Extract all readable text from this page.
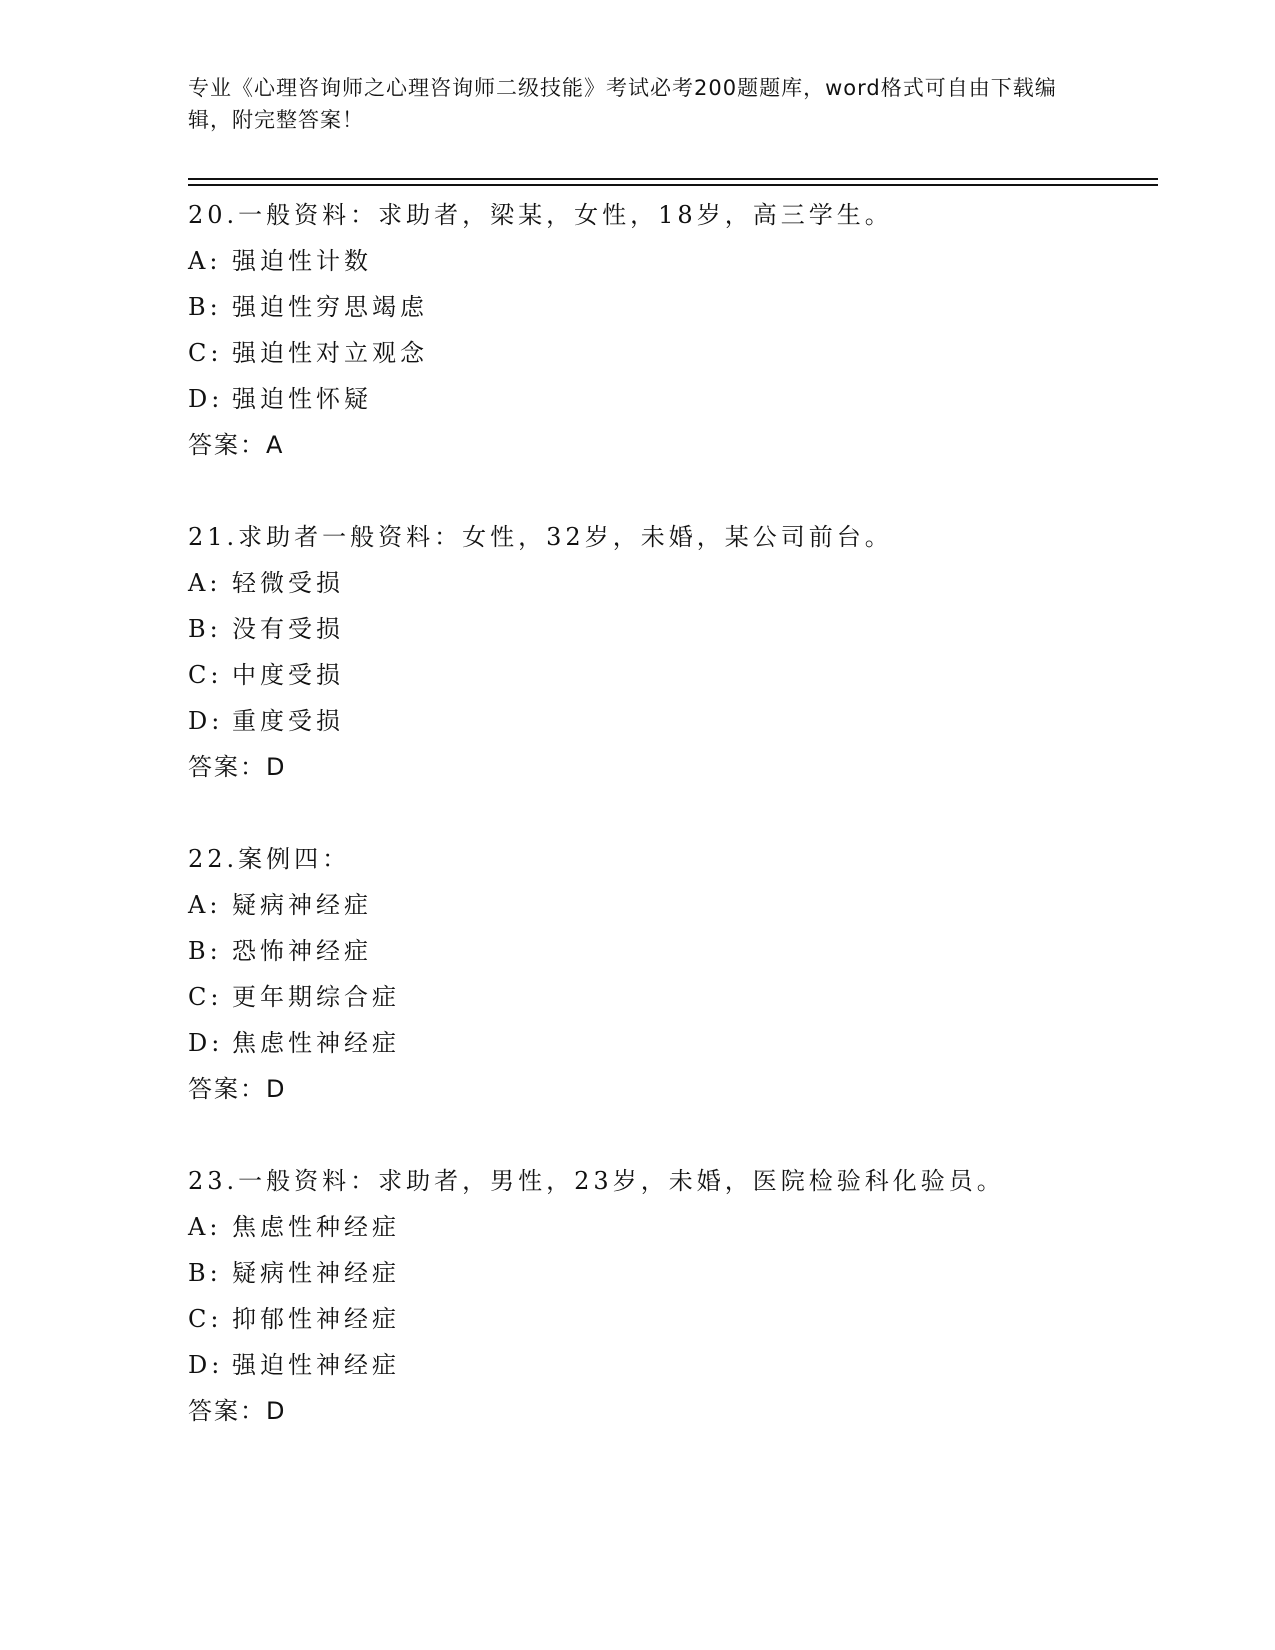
专业《心理咨询师之心理咨询师二级技能》考试必考200题题库，word格式可自由下载编辑，附完整答案！
20.一般资料：求助者，梁某，女性，18岁，高三学生。
A: 强迫性计数
B: 强迫性穷思竭虑
C: 强迫性对立观念
D: 强迫性怀疑
答案：A
21.求助者一般资料：女性，32岁，未婚，某公司前台。
A: 轻微受损
B: 没有受损
C: 中度受损
D: 重度受损
答案：D
22.案例四：
A: 疑病神经症
B: 恐怖神经症
C: 更年期综合症
D: 焦虑性神经症
答案：D
23.一般资料：求助者，男性，23岁，未婚，医院检验科化验员。
A: 焦虑性种经症
B: 疑病性神经症
C: 抑郁性神经症
D: 强迫性神经症
答案：D
